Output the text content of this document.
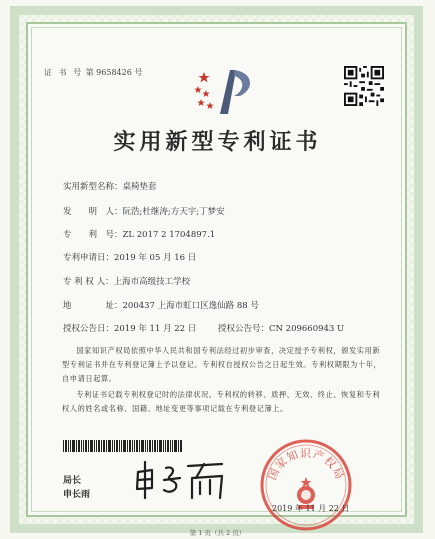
证 书 号 第 9658426 号
实用新型专利证书
实用新型名称：桌椅垫套
发　　明　人：阮浩;杜继涛;方天宇;丁梦安
专　　利　号：ZL 2017 2 1704897.1
专利申请日：2019 年 05 月 16 日
专 利 权 人：上海市高级技工学校
地　　　　址：200437 上海市虹口区逸仙路 88 号
授权公告日：2019 年 11 月 22 日	授权公告号：CN 209660943 U
国家知识产权局依照中华人民共和国专利法经过初步审查，决定授予专利权，颁发实用新型专利证书并在专利登记簿上予以登记。专利权自授权公告之日起生效。专利权期限为十年，自申请日起算。
专利证书记载专利权登记时的法律状况。专利权的转移、质押、无效、终止、恢复和专利权人的姓名或名称、国籍、地址变更等事项记载在专利登记簿上。
局长
申长雨
国家知识产权局
2019 年 11 月 22 日
第 1 页（共 2 页）
